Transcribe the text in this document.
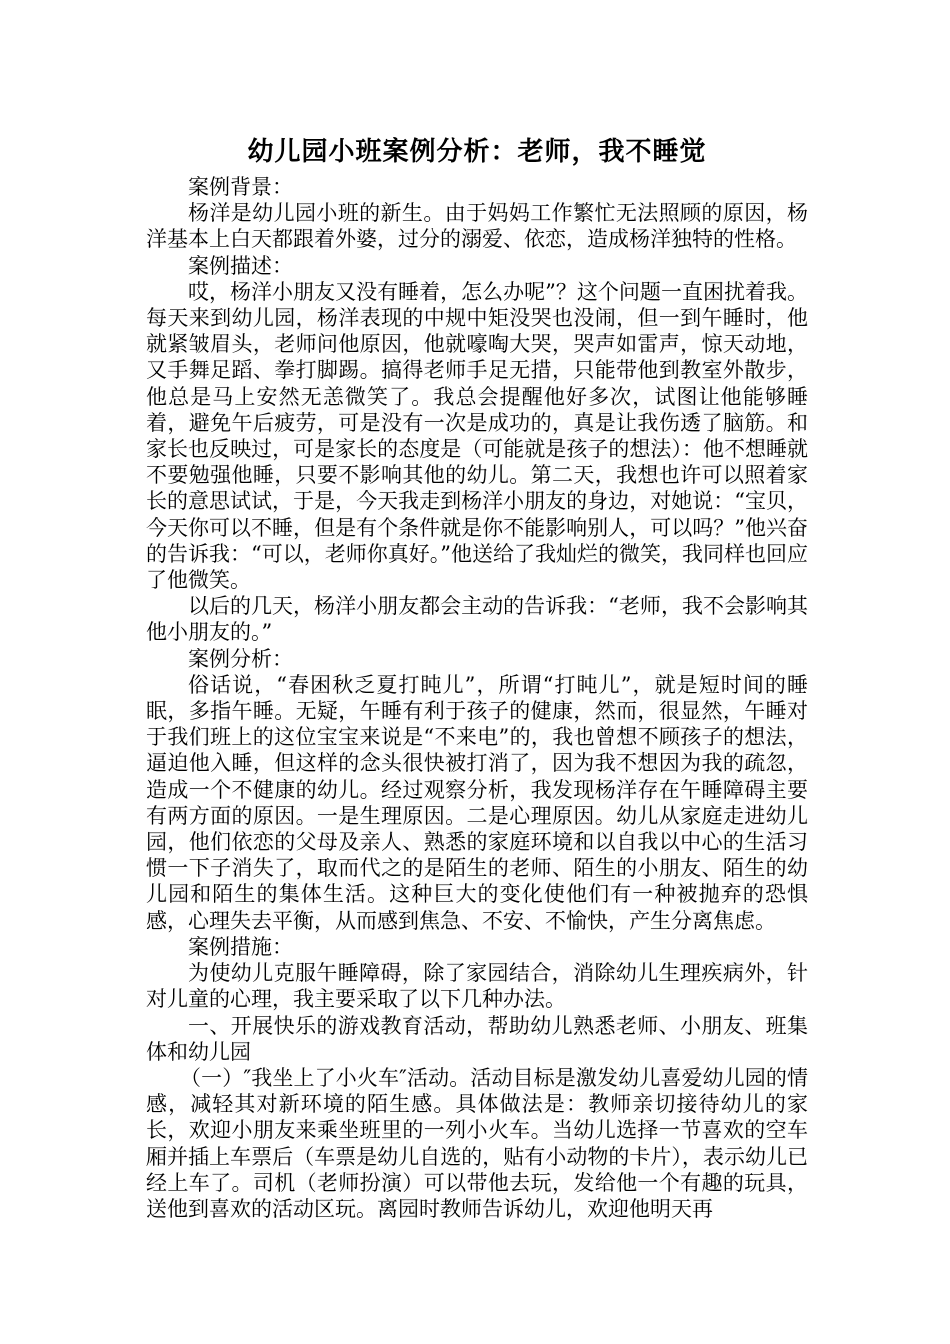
幼儿园小班案例分析：老师，我不睡觉

案例背景：

杨洋是幼儿园小班的新生。由于妈妈工作繁忙无法照顾的原因，杨洋基本上白天都跟着外婆，过分的溺爱、依恋，造成杨洋独特的性格。

案例描述：

哎，杨洋小朋友又没有睡着，怎么办呢”？这个问题一直困扰着我。每天来到幼儿园，杨洋表现的中规中矩没哭也没闹，但一到午睡时，他就紧皱眉头，老师问他原因，他就嚎啕大哭，哭声如雷声，惊天动地，又手舞足蹈、拳打脚踢。搞得老师手足无措，只能带他到教室外散步，他总是马上安然无恙微笑了。我总会提醒他好多次，试图让他能够睡着，避免午后疲劳，可是没有一次是成功的，真是让我伤透了脑筋。和家长也反映过，可是家长的态度是（可能就是孩子的想法）：他不想睡就不要勉强他睡，只要不影响其他的幼儿。第二天，我想也许可以照着家长的意思试试，于是，今天我走到杨洋小朋友的身边，对她说：“宝贝，今天你可以不睡，但是有个条件就是你不能影响别人，可以吗？”他兴奋的告诉我：“可以，老师你真好。”他送给了我灿烂的微笑，我同样也回应了他微笑。

以后的几天，杨洋小朋友都会主动的告诉我：“老师，我不会影响其他小朋友的。”

案例分析：

俗话说，“春困秋乏夏打盹儿”，所谓“打盹儿”，就是短时间的睡眠，多指午睡。无疑，午睡有利于孩子的健康，然而，很显然，午睡对于我们班上的这位宝宝来说是“不来电”的，我也曾想不顾孩子的想法，逼迫他入睡，但这样的念头很快被打消了，因为我不想因为我的疏忽，造成一个不健康的幼儿。经过观察分析，我发现杨洋存在午睡障碍主要有两方面的原因。一是生理原因。二是心理原因。幼儿从家庭走进幼儿园，他们依恋的父母及亲人、熟悉的家庭环境和以自我以中心的生活习惯一下子消失了，取而代之的是陌生的老师、陌生的小朋友、陌生的幼儿园和陌生的集体生活。这种巨大的变化使他们有一种被抛弃的恐惧感，心理失去平衡，从而感到焦急、不安、不愉快，产生分离焦虑。

案例措施：

为使幼儿克服午睡障碍，除了家园结合，消除幼儿生理疾病外，针对儿童的心理，我主要采取了以下几种办法。

一、开展快乐的游戏教育活动，帮助幼儿熟悉老师、小朋友、班集体和幼儿园

（一）″我坐上了小火车″活动。活动目标是激发幼儿喜爱幼儿园的情感，减轻其对新环境的陌生感。具体做法是：教师亲切接待幼儿的家长，欢迎小朋友来乘坐班里的一列小火车。当幼儿选择一节喜欢的空车厢并插上车票后（车票是幼儿自选的，贴有小动物的卡片），表示幼儿已经上车了。司机（老师扮演）可以带他去玩，发给他一个有趣的玩具，送他到喜欢的活动区玩。离园时教师告诉幼儿，欢迎他明天再
